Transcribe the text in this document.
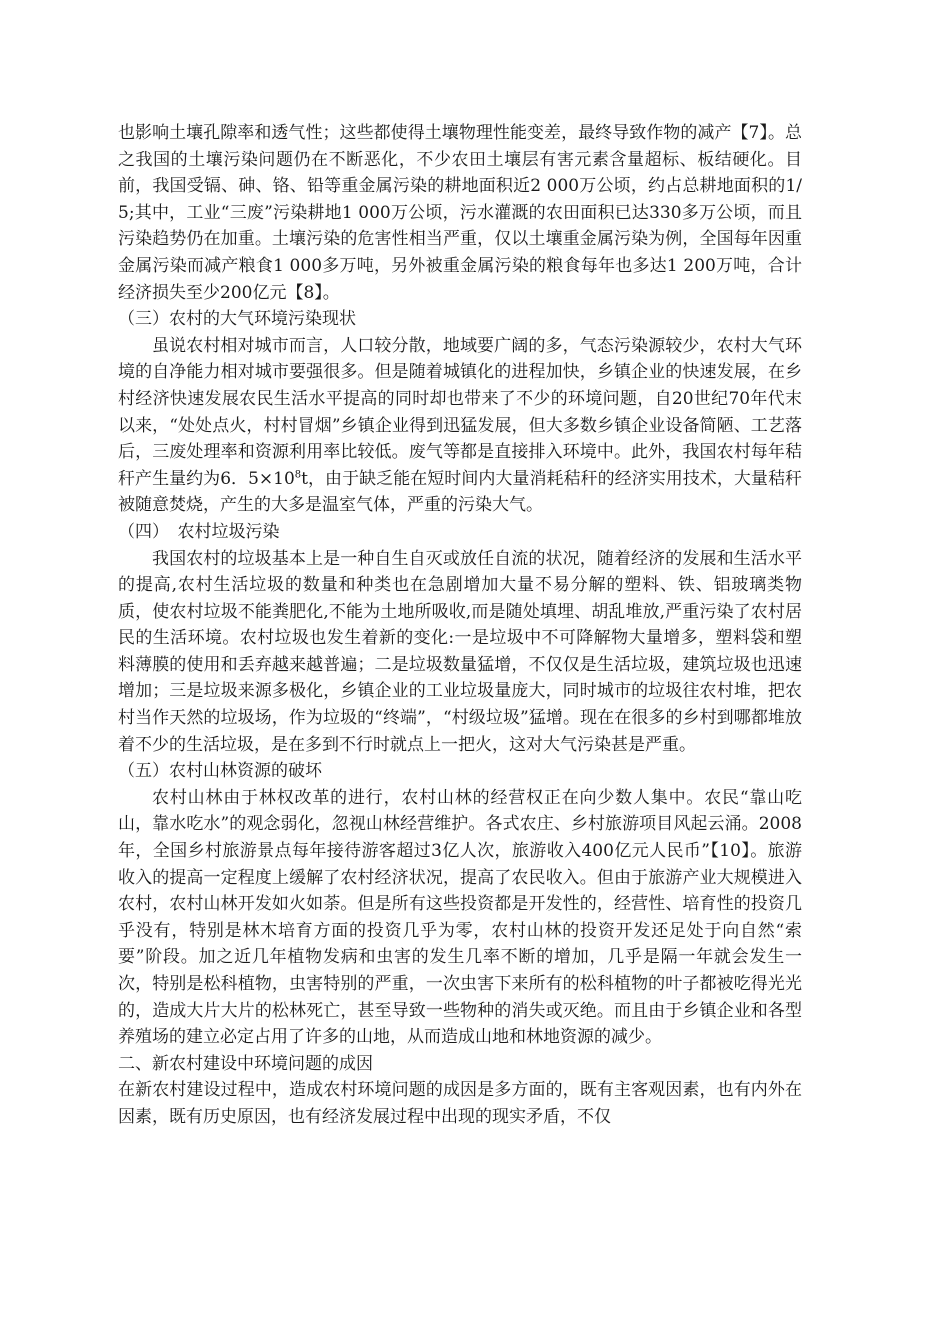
也影响土壤孔隙率和透气性；这些都使得土壤物理性能变差，最终导致作物的减产【7】。总之我国的土壤污染问题仍在不断恶化，不少农田土壤层有害元素含量超标、板结硬化。目前，我国受镉、砷、铬、铅等重金属污染的耕地面积近2 000万公顷，约占总耕地面积的1/5;其中，工业“三废”污染耕地1 000万公顷，污水灌溉的农田面积已达330多万公顷，而且污染趋势仍在加重。土壤污染的危害性相当严重，仅以土壤重金属污染为例，全国每年因重金属污染而减产粮食1 000多万吨，另外被重金属污染的粮食每年也多达1 200万吨，合计经济损失至少200亿元【8】。

（三）农村的大气环境污染现状

虽说农村相对城市而言，人口较分散，地域要广阔的多，气态污染源较少，农村大气环境的自净能力相对城市要强很多。但是随着城镇化的进程加快，乡镇企业的快速发展，在乡村经济快速发展农民生活水平提高的同时却也带来了不少的环境问题，自20世纪70年代末以来，“处处点火，村村冒烟”乡镇企业得到迅猛发展，但大多数乡镇企业设备简陋、工艺落后，三废处理率和资源利用率比较低。废气等都是直接排入环境中。此外，我国农村每年秸秆产生量约为6．$5\times 10^8t$，由于缺乏能在短时间内大量消耗秸秆的经济实用技术，大量秸秆被随意焚烧，产生的大多是温室气体，严重的污染大气。

（四）　农村垃圾污染

我国农村的垃圾基本上是一种自生自灭或放任自流的状况，随着经济的发展和生活水平的提高,农村生活垃圾的数量和种类也在急剧增加大量不易分解的塑料、铁、铝玻璃类物质，使农村垃圾不能粪肥化,不能为土地所吸收,而是随处填埋、胡乱堆放,严重污染了农村居民的生活环境。农村垃圾也发生着新的变化:一是垃圾中不可降解物大量增多，塑料袋和塑料薄膜的使用和丢弃越来越普遍；二是垃圾数量猛增，不仅仅是生活垃圾，建筑垃圾也迅速增加；三是垃圾来源多极化，乡镇企业的工业垃圾量庞大，同时城市的垃圾往农村堆，把农村当作天然的垃圾场，作为垃圾的“终端”，“村级垃圾”猛增。现在在很多的乡村到哪都堆放着不少的生活垃圾，是在多到不行时就点上一把火，这对大气污染甚是严重。

（五）农村山林资源的破坏

农村山林由于林权改革的进行，农村山林的经营权正在向少数人集中。农民“靠山吃山，靠水吃水”的观念弱化，忽视山林经营维护。各式农庄、乡村旅游项目风起云涌。2008年，全国乡村旅游景点每年接待游客超过3亿人次，旅游收入400亿元人民币”【10】。旅游收入的提高一定程度上缓解了农村经济状况，提高了农民收入。但由于旅游产业大规模进入农村，农村山林开发如火如荼。但是所有这些投资都是开发性的，经营性、培育性的投资几乎没有，特别是林木培育方面的投资几乎为零，农村山林的投资开发还足处于向自然“索要”阶段。加之近几年植物发病和虫害的发生几率不断的增加，几乎是隔一年就会发生一次，特别是松科植物，虫害特别的严重，一次虫害下来所有的松科植物的叶子都被吃得光光的，造成大片大片的松林死亡，甚至导致一些物种的消失或灭绝。而且由于乡镇企业和各型养殖场的建立必定占用了许多的山地，从而造成山地和林地资源的减少。

二、新农村建设中环境问题的成因

在新农村建设过程中，造成农村环境问题的成因是多方面的，既有主客观因素，也有内外在因素，既有历史原因，也有经济发展过程中出现的现实矛盾，不仅
